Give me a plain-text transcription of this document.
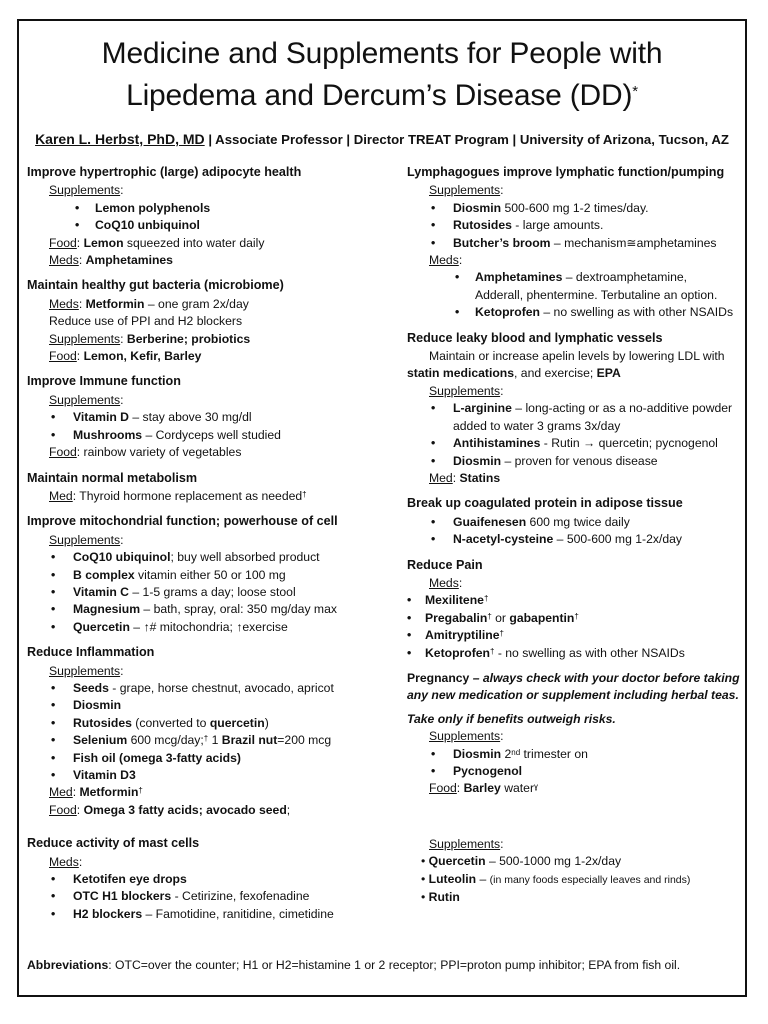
Medicine and Supplements for People with
Lipedema and Dercum’s Disease (DD)*
Karen L. Herbst, PhD, MD | Associate Professor | Director TREAT Program | University of Arizona, Tucson, AZ
Improve hypertrophic (large) adipocyte health
Supplements:
• Lemon polyphenols
• CoQ10 unbiquinol
Food: Lemon squeezed into water daily
Meds: Amphetamines
Maintain healthy gut bacteria (microbiome)
Meds: Metformin – one gram 2x/day
Reduce use of PPI and H2 blockers
Supplements: Berberine; probiotics
Food: Lemon, Kefir, Barley
Improve Immune function
Supplements:
• Vitamin D – stay above 30 mg/dl
• Mushrooms – Cordyceps well studied
Food: rainbow variety of vegetables
Maintain normal metabolism
Med: Thyroid hormone replacement as needed†
Improve mitochondrial function; powerhouse of cell
Supplements:
• CoQ10 ubiquinol; buy well absorbed product
• B complex vitamin either 50 or 100 mg
• Vitamin C – 1-5 grams a day; loose stool
• Magnesium – bath, spray, oral: 350 mg/day max
• Quercetin – ↑# mitochondria; ↑exercise
Reduce Inflammation
Supplements:
• Seeds - grape, horse chestnut, avocado, apricot
• Diosmin
• Rutosides (converted to quercetin)
• Selenium 600 mcg/day;† 1 Brazil nut=200 mcg
• Fish oil (omega 3-fatty acids)
• Vitamin D3
Med: Metformin†
Food: Omega 3 fatty acids; avocado seed;
Reduce activity of mast cells
Meds:
• Ketotifen eye drops
• OTC H1 blockers - Cetirizine, fexofenadine
• H2 blockers – Famotidine, ranitidine, cimetidine
Lymphagogues improve lymphatic function/pumping
Supplements:
• Diosmin 500-600 mg 1-2 times/day.
• Rutosides - large amounts.
• Butcher’s broom – mechanism≅amphetamines
Meds:
• Amphetamines – dextroamphetamine,
Adderall, phentermine. Terbutaline an option.
• Ketoprofen – no swelling as with other NSAIDs
Reduce leaky blood and lymphatic vessels
Maintain or increase apelin levels by lowering LDL with
statin medications, and exercise; EPA
Supplements:
• L-arginine – long-acting or as a no-additive powder
added to water 3 grams 3x/day
• Antihistamines - Rutin → quercetin; pycnogenol
• Diosmin – proven for venous disease
Med: Statins
Break up coagulated protein in adipose tissue
• Guaifenesen 600 mg twice daily
• N-acetyl-cysteine – 500-600 mg 1-2x/day
Reduce Pain
Meds:
• Mexilitene†
• Pregabalin† or gabapentin†
• Amitryptiline†
• Ketoprofen† - no swelling as with other NSAIDs
Pregnancy – always check with your doctor before taking any new medication or supplement including herbal teas.
Take only if benefits outweigh risks.
Supplements:
• Diosmin 2nd trimester on
• Pycnogenol
Food: Barley water$^ɣ$
Supplements:
• Quercetin – 500-1000 mg 1-2x/day
• Luteolin – (in many foods especially leaves and rinds)
• Rutin
Abbreviations: OTC=over the counter; H1 or H2=histamine 1 or 2 receptor; PPI=proton pump inhibitor; EPA from fish oil.
